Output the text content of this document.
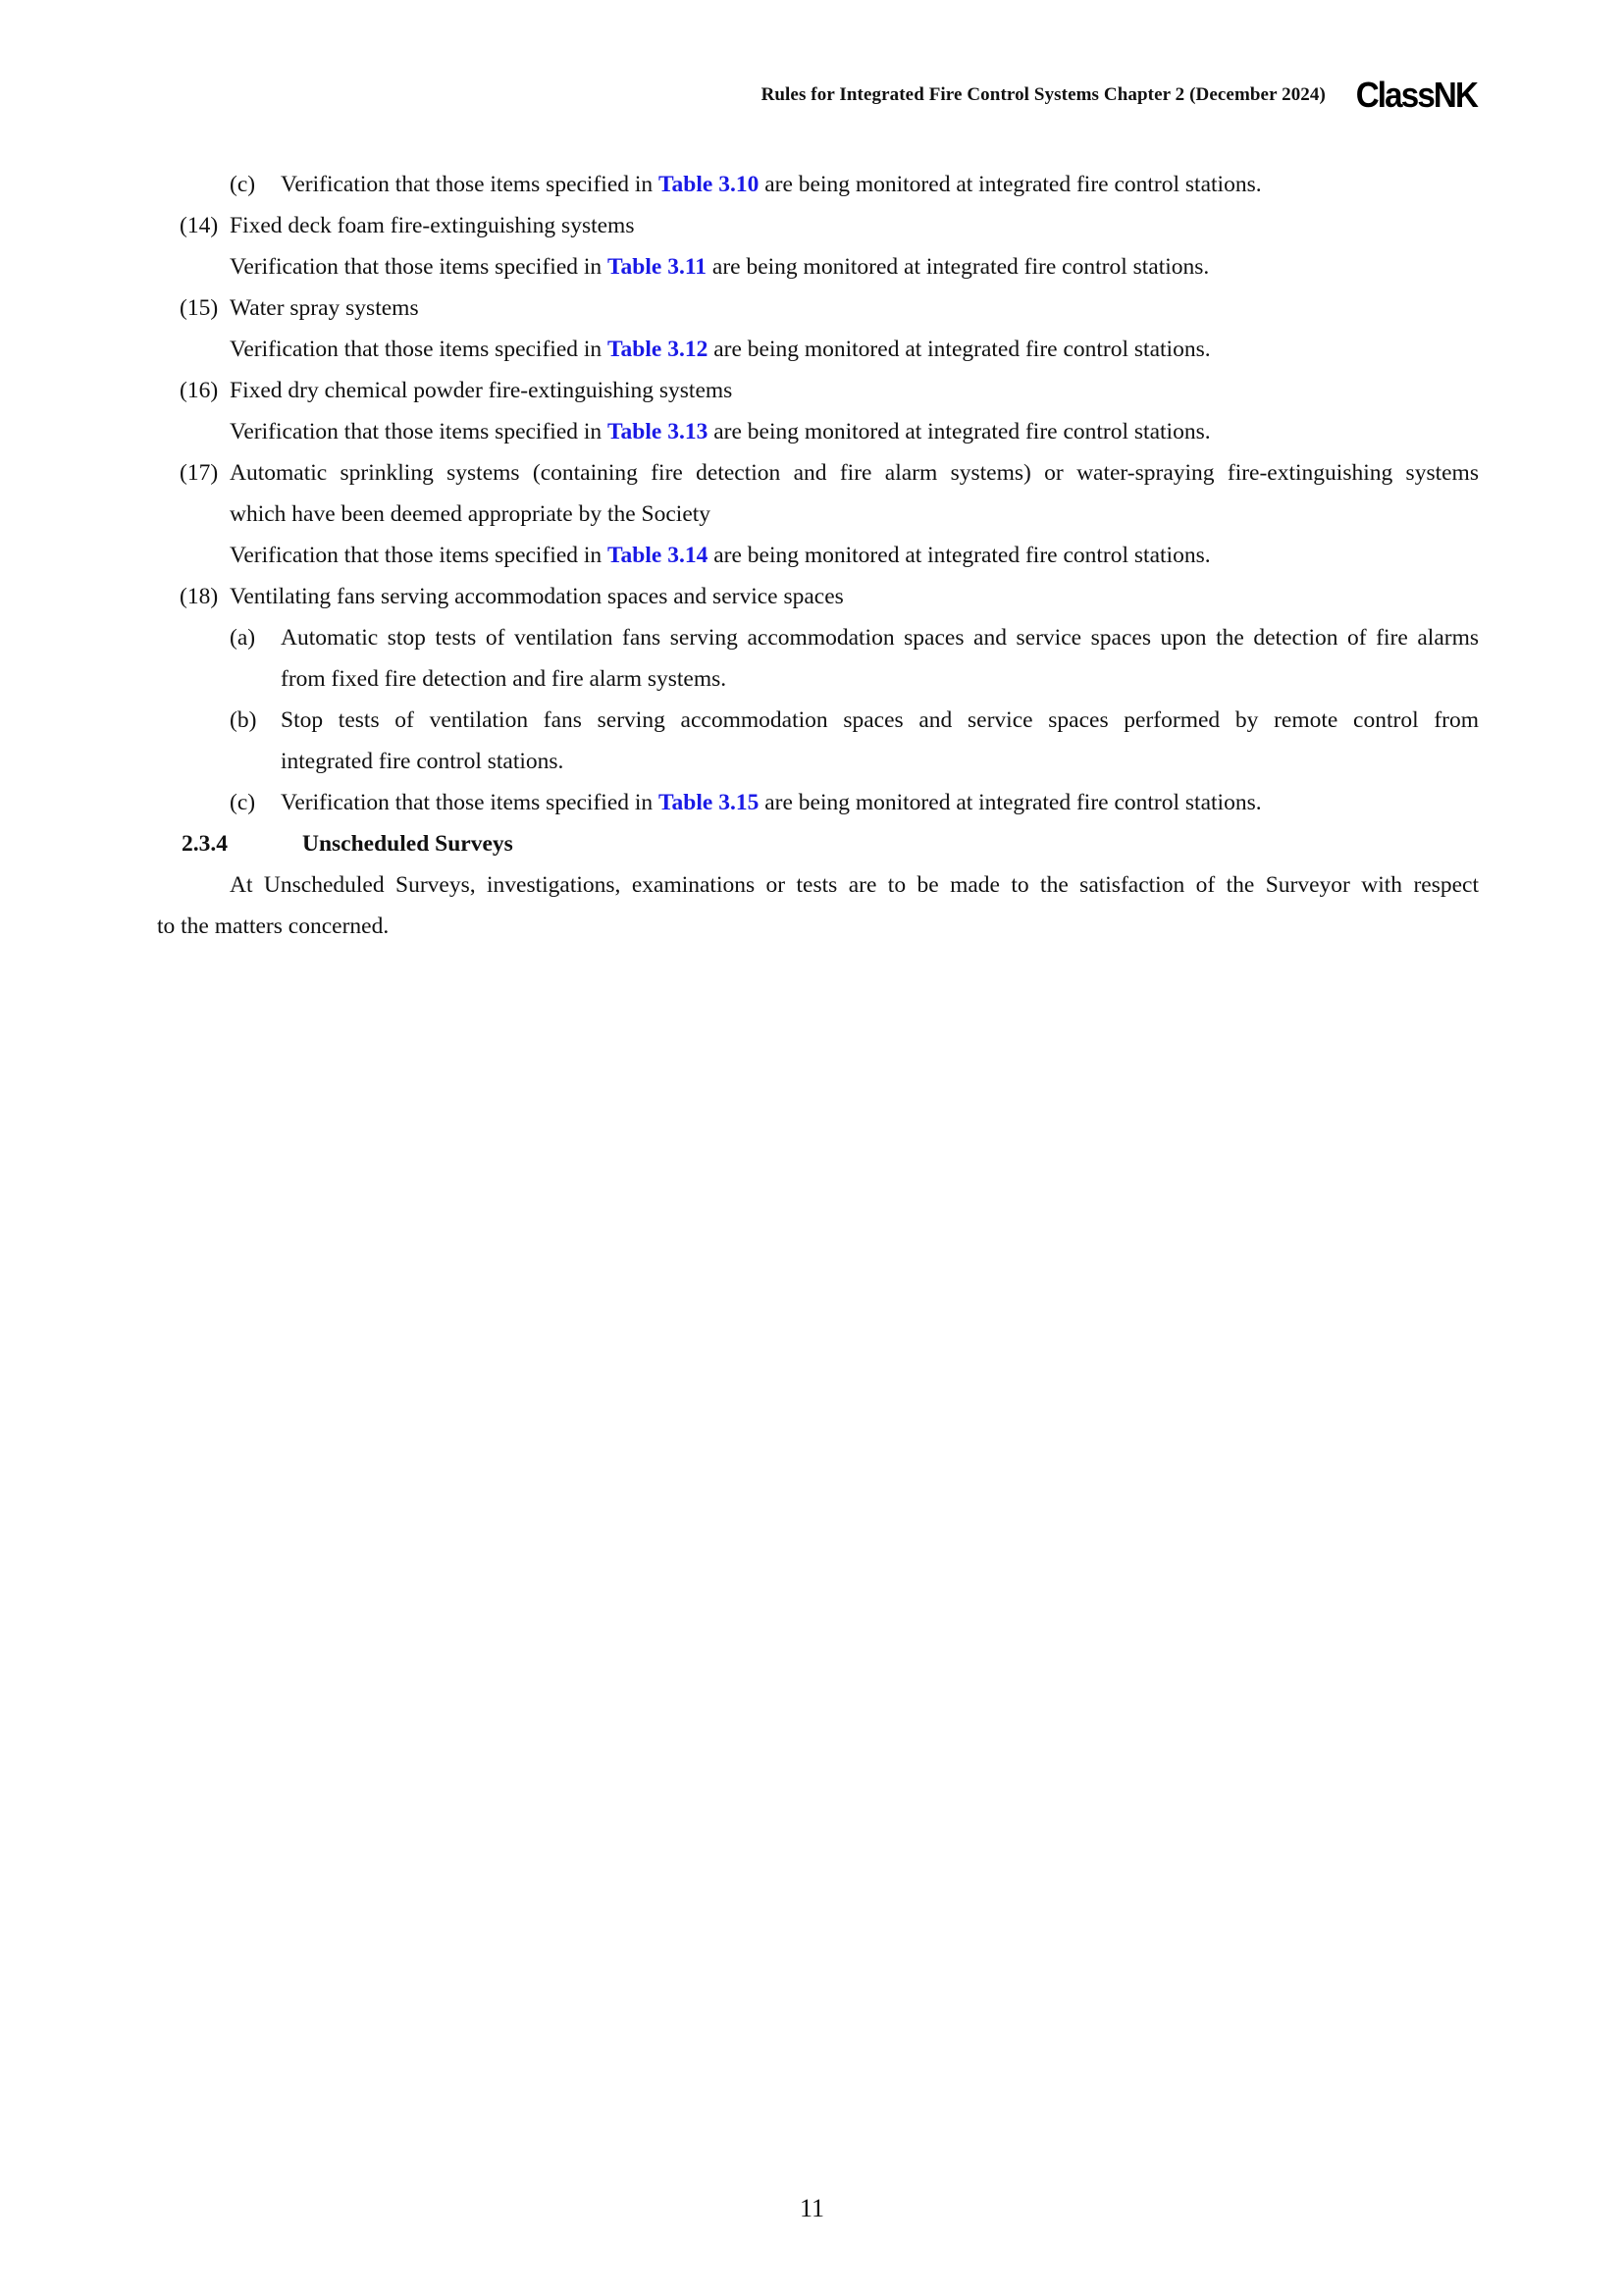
Rules for Integrated Fire Control Systems Chapter 2 (December 2024) ClassNK
(c) Verification that those items specified in Table 3.10 are being monitored at integrated fire control stations.
(14) Fixed deck foam fire-extinguishing systems
Verification that those items specified in Table 3.11 are being monitored at integrated fire control stations.
(15) Water spray systems
Verification that those items specified in Table 3.12 are being monitored at integrated fire control stations.
(16) Fixed dry chemical powder fire-extinguishing systems
Verification that those items specified in Table 3.13 are being monitored at integrated fire control stations.
(17) Automatic sprinkling systems (containing fire detection and fire alarm systems) or water-spraying fire-extinguishing systems
which have been deemed appropriate by the Society
Verification that those items specified in Table 3.14 are being monitored at integrated fire control stations.
(18) Ventilating fans serving accommodation spaces and service spaces
(a) Automatic stop tests of ventilation fans serving accommodation spaces and service spaces upon the detection of fire alarms
from fixed fire detection and fire alarm systems.
(b) Stop tests of ventilation fans serving accommodation spaces and service spaces performed by remote control from
integrated fire control stations.
(c) Verification that those items specified in Table 3.15 are being monitored at integrated fire control stations.
2.3.4	Unscheduled Surveys
At Unscheduled Surveys, investigations, examinations or tests are to be made to the satisfaction of the Surveyor with respect
to the matters concerned.
11
